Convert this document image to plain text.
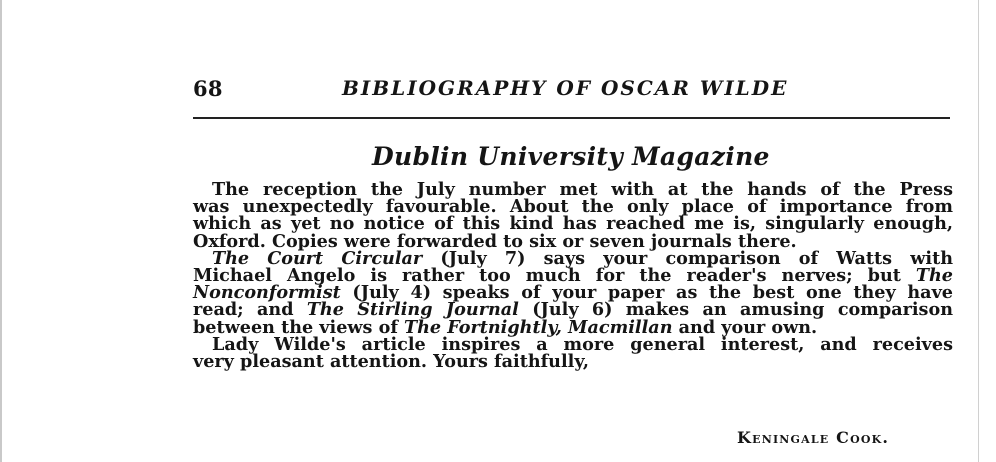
68	BIBLIOGRAPHY OF OSCAR WILDE
Dublin University Magazine

The reception the July number met with at the hands of the Press
was unexpectedly favourable. About the only place of importance from
which as yet no notice of this kind has reached me is, singularly enough,
Oxford. Copies were forwarded to six or seven journals there.

The Court Circular (July 7) says your comparison of Watts with
Michael Angelo is rather too much for the reader's nerves; but The
Nonconformist (July 4) speaks of your paper as the best one they have
read; and The Stirling Journal (July 6) makes an amusing comparison
between the views of The Fortnightly, Macmillan and your own.

Lady Wilde's article inspires a more general interest, and receives
very pleasant attention. Yours faithfully,

Keningale Cook.
